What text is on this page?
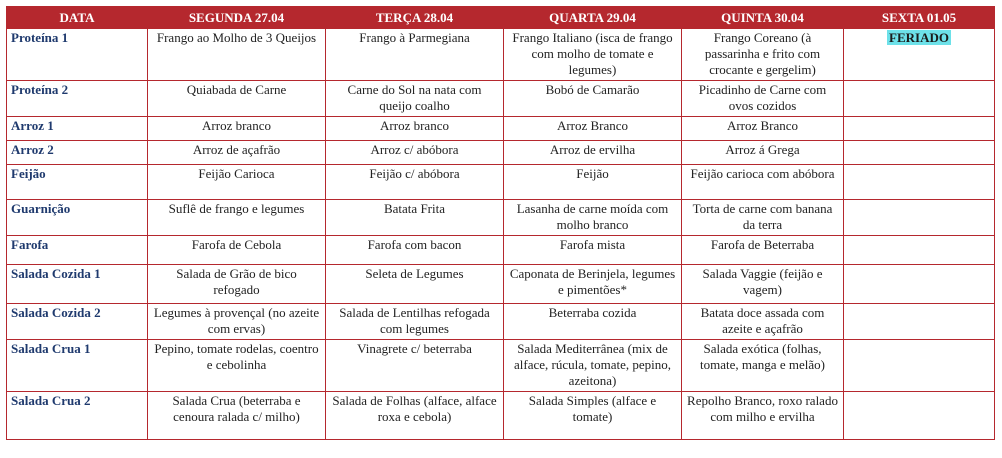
DATA	SEGUNDA 27.04	TERÇA 28.04	QUARTA 29.04	QUINTA 30.04	SEXTA 01.05
Proteína 1	Frango ao Molho de 3 Queijos	Frango à Parmegiana	Frango Italiano (isca de frango com molho de tomate e legumes)	Frango Coreano (à passarinha e frito com crocante e gergelim)	FERIADO
Proteína 2	Quiabada de Carne	Carne do Sol na nata com queijo coalho	Bobó de Camarão	Picadinho de Carne com ovos cozidos	
Arroz 1	Arroz branco	Arroz branco	Arroz Branco	Arroz Branco	
Arroz 2	Arroz de açafrão	Arroz c/ abóbora	Arroz de ervilha	Arroz á Grega	
Feijão	Feijão Carioca	Feijão c/ abóbora	Feijão	Feijão carioca com abóbora	
Guarnição	Suflê de frango e legumes	Batata Frita	Lasanha de carne moída com molho branco	Torta de carne com banana da terra	
Farofa	Farofa de Cebola	Farofa com bacon	Farofa mista	Farofa de Beterraba	
Salada Cozida 1	Salada de Grão de bico refogado	Seleta de Legumes	Caponata de Berinjela, legumes e pimentões*	Salada Vaggie (feijão e vagem)	
Salada Cozida 2	Legumes à provençal (no azeite com ervas)	Salada de Lentilhas refogada com legumes	Beterraba cozida	Batata doce assada com azeite e açafrão	
Salada Crua 1	Pepino, tomate rodelas, coentro e cebolinha	Vinagrete c/ beterraba	Salada Mediterrânea (mix de alface, rúcula, tomate, pepino, azeitona)	Salada exótica (folhas, tomate, manga e melão)	
Salada Crua 2	Salada Crua (beterraba e cenoura ralada c/ milho)	Salada de Folhas (alface, alface roxa e cebola)	Salada Simples (alface e tomate)	Repolho Branco, roxo ralado com milho e ervilha	
